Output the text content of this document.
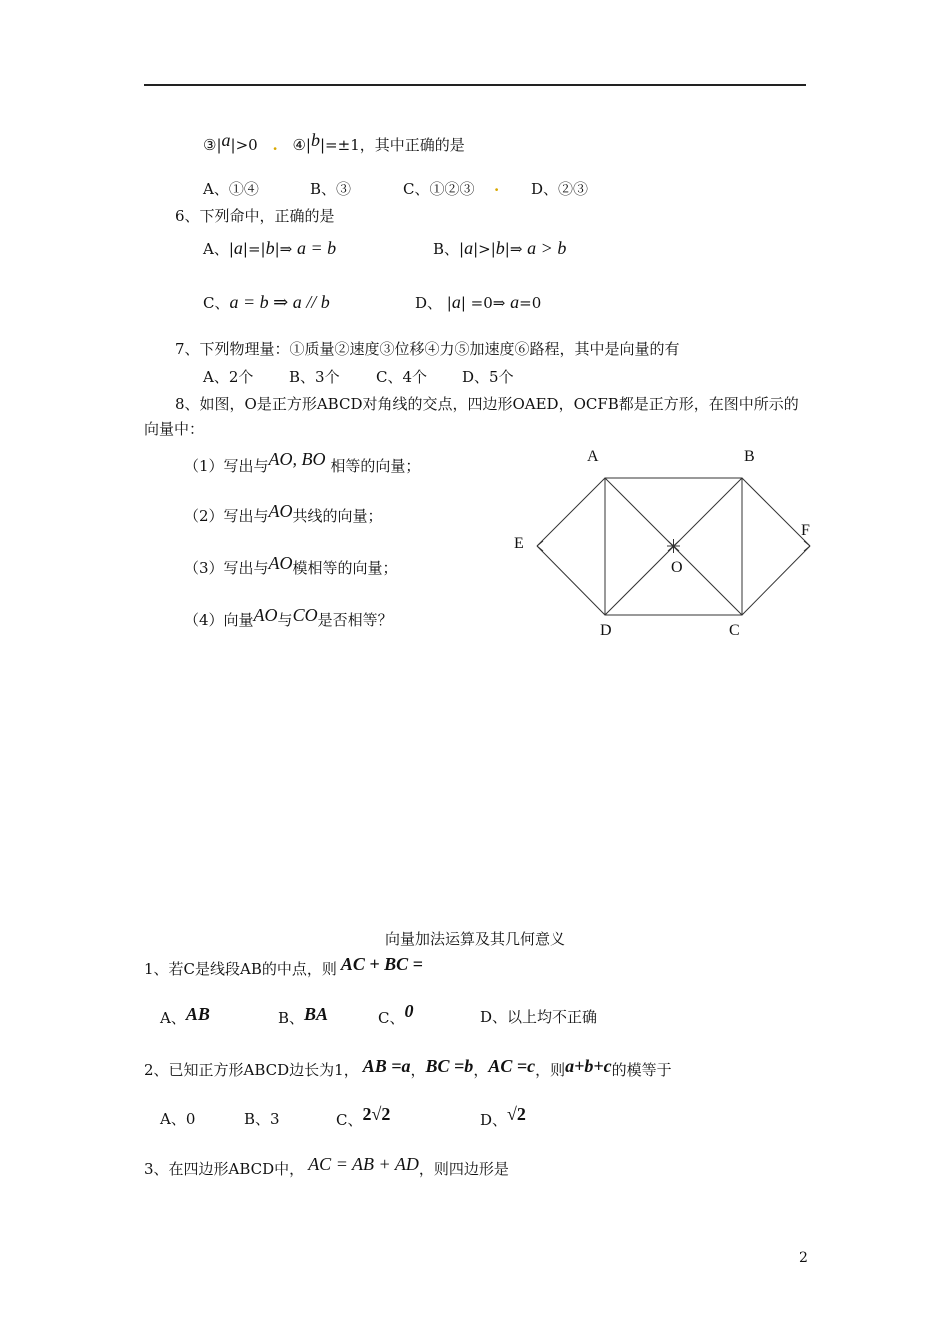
③|a|>0 . ④|b|=±1，其中正确的是
A、①④	B、③	C、①②③ . D、②③
6、下列命中，正确的是
A、|a|=|b|⇒ a = b	B、|a|>|b|⇒ a > b
C、a = b ⇒ a // b	D、 |a| =0⇒ a=0
7、下列物理量：①质量②速度③位移④力⑤加速度⑥路程，其中是向量的有
A、2个 B、3个 C、4个 D、5个
8、如图，O是正方形ABCD对角线的交点，四边形OAED，OCFB都是正方形，在图中所示的
向量中：
（1）写出与AO, BO 相等的向量；
（2）写出与AO共线的向量；
（3）写出与AO模相等的向量；
（4）向量AO与CO是否相等？
A	B
E
F
O
D	C
向量加法运算及其几何意义
1、若C是线段AB的中点，则 AC + BC =
A、AB	B、BA	C、0	D、以上均不正确
2、已知正方形ABCD边长为1， AB =a，BC =b，AC =c，则a+b+c的模等于
A、0	B、3	C、2√2	D、√2
3、在四边形ABCD中， AC = AB + AD，则四边形是
2
